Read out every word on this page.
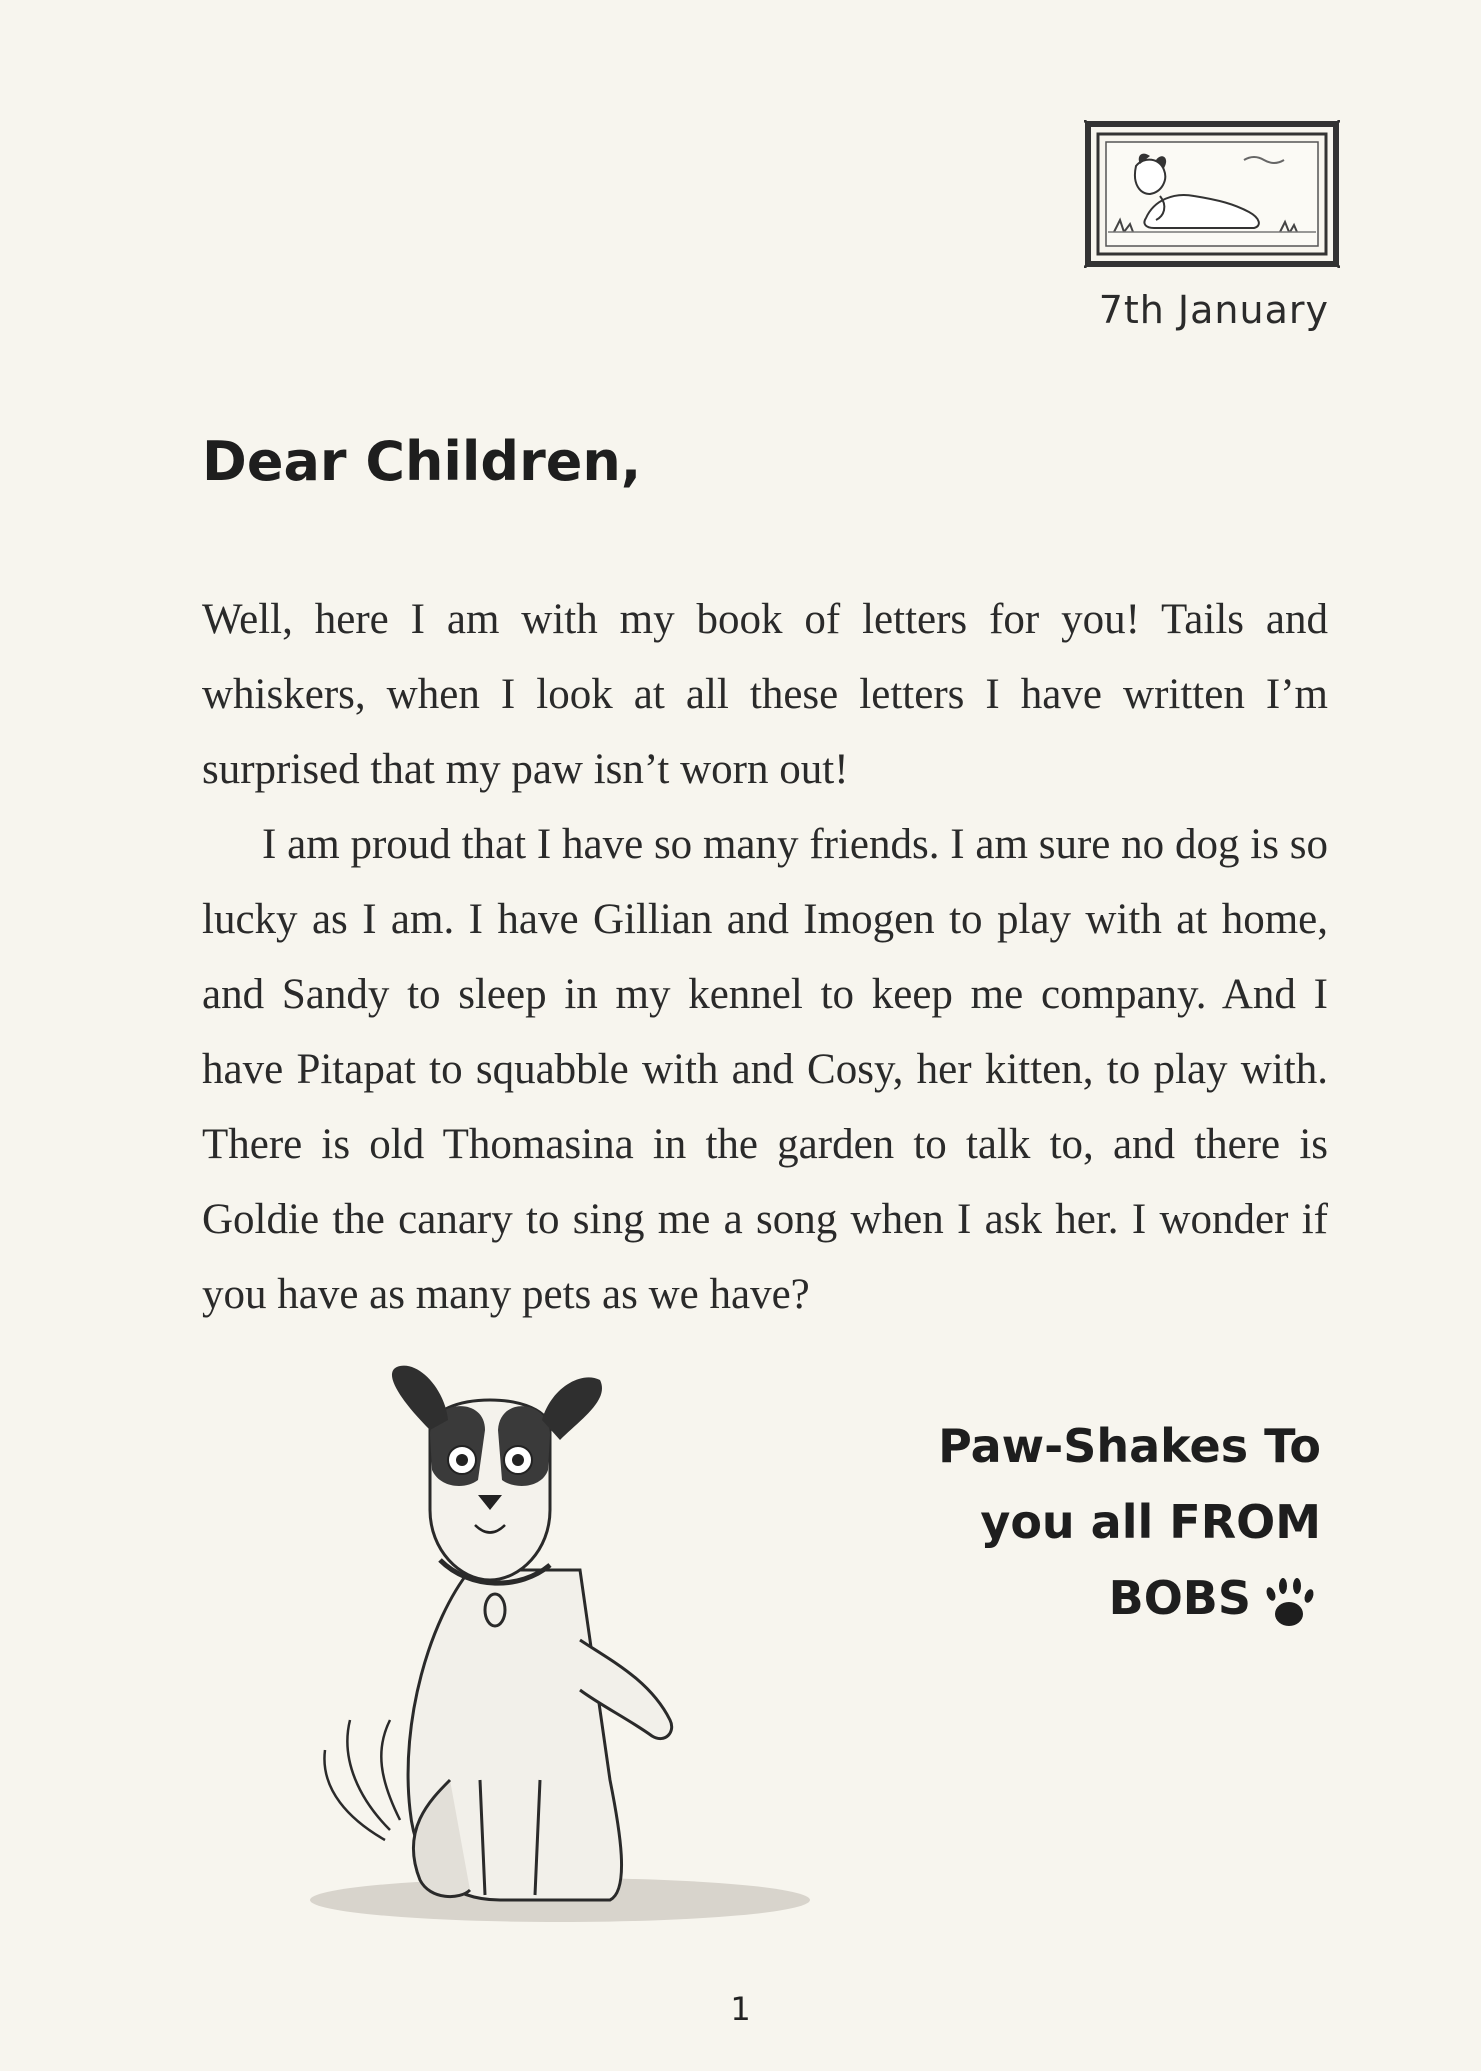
7th January
Dear Children,

Well, here I am with my book of letters for you! Tails and whiskers, when I look at all these letters I have written I’m surprised that my paw isn’t worn out!

I am proud that I have so many friends. I am sure no dog is so lucky as I am. I have Gillian and Imogen to play with at home, and Sandy to sleep in my kennel to keep me company. And I have Pitapat to squabble with and Cosy, her kitten, to play with. There is old Thomasina in the garden to talk to, and there is Goldie the canary to sing me a song when I ask her. I wonder if you have as many pets as we have?

Paw-Shakes To
you all FROM
BOBS
1
